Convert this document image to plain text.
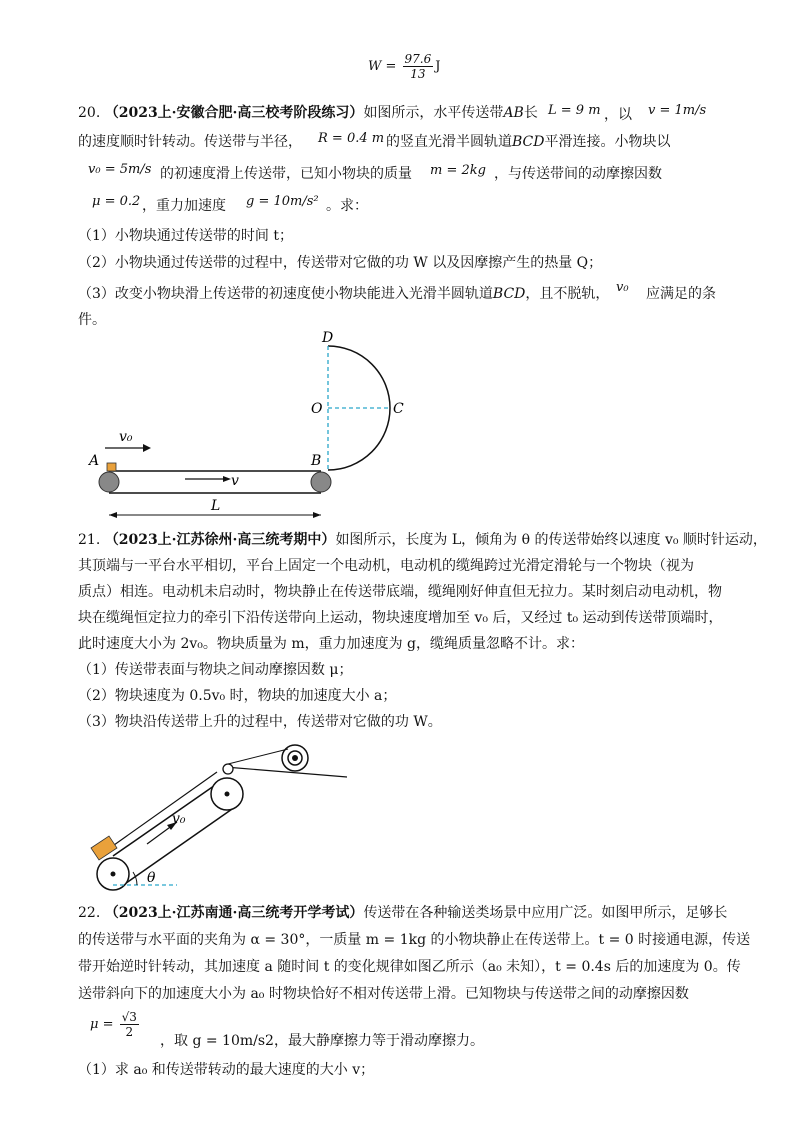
$W = \frac{97.6}{13}$ J
20. （2023上·安徽合肥·高三校考阶段练习）如图所示，水平传送带AB长 L = 9 m ，以 v = 1m/s
的速度顺时针转动。传送带与半径， R = 0.4 m 的竖直光滑半圆轨道BCD平滑连接。小物块以
v₀ = 5m/s 的初速度滑上传送带，已知小物块的质量 m = 2kg ，与传送带间的动摩擦因数
μ = 0.2 ，重力加速度 g = 10m/s² 。求：
（1）小物块通过传送带的时间 t；
（2）小物块通过传送带的过程中，传送带对它做的功 W 以及因摩擦产生的热量 Q；
（3）改变小物块滑上传送带的初速度使小物块能进入光滑半圆轨道BCD，且不脱轨， v₀ 应满足的条
件。
D
O	C
B
A
v₀
v
L
21. （2023上·江苏徐州·高三统考期中）如图所示，长度为 L，倾角为 θ 的传送带始终以速度 v₀ 顺时针运动，
其顶端与一平台水平相切，平台上固定一个电动机，电动机的缆绳跨过光滑定滑轮与一个物块（视为
质点）相连。电动机未启动时，物块静止在传送带底端，缆绳刚好伸直但无拉力。某时刻启动电动机，物
块在缆绳恒定拉力的牵引下沿传送带向上运动，物块速度增加至 v₀ 后，又经过 t₀ 运动到传送带顶端时，
此时速度大小为 2v₀。物块质量为 m，重力加速度为 g，缆绳质量忽略不计。求：
（1）传送带表面与物块之间动摩擦因数 μ；
（2）物块速度为 0.5v₀ 时，物块的加速度大小 a；
（3）物块沿传送带上升的过程中，传送带对它做的功 W。
v₀
θ
22. （2023上·江苏南通·高三统考开学考试）传送带在各种输送类场景中应用广泛。如图甲所示，足够长
的传送带与水平面的夹角为 α = 30°，一质量 m = 1kg 的小物块静止在传送带上。t = 0 时接通电源，传送
带开始逆时针转动，其加速度 a 随时间 t 的变化规律如图乙所示（a₀ 未知），t = 0.4s 后的加速度为 0。传
送带斜向下的加速度大小为 a₀ 时物块恰好不相对传送带上滑。已知物块与传送带之间的动摩擦因数
$\mu = \frac{√3}{2}$
，取 g = 10m/s2，最大静摩擦力等于滑动摩擦力。
（1）求 a₀ 和传送带转动的最大速度的大小 v；
